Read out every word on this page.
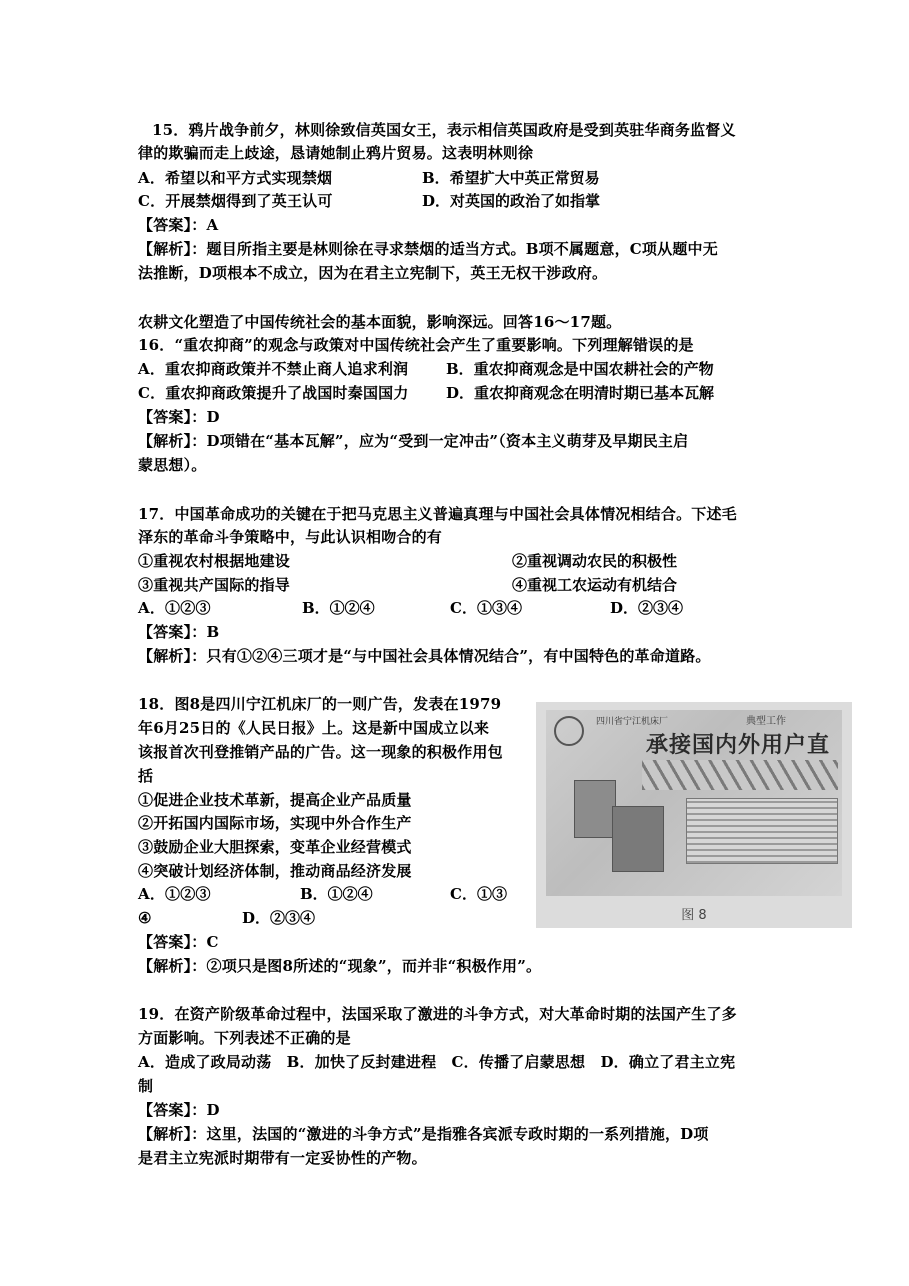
15．鸦片战争前夕，林则徐致信英国女王，表示相信英国政府是受到英驻华商务监督义
律的欺骗而走上歧途，恳请她制止鸦片贸易。这表明林则徐
A．希望以和平方式实现禁烟	B．希望扩大中英正常贸易
C．开展禁烟得到了英王认可	D．对英国的政治了如指掌
【答案】：A
【解析】：题目所指主要是林则徐在寻求禁烟的适当方式。B项不属题意，C项从题中无
法推断，D项根本不成立，因为在君主立宪制下，英王无权干涉政府。
农耕文化塑造了中国传统社会的基本面貌，影响深远。回答16～17题。
16．“重农抑商”的观念与政策对中国传统社会产生了重要影响。下列理解错误的是
A．重农抑商政策并不禁止商人追求利润	B．重农抑商观念是中国农耕社会的产物
C．重农抑商政策提升了战国时秦国国力 D．重农抑商观念在明清时期已基本瓦解
【答案】：D
【解析】：D项错在“基本瓦解”，应为“受到一定冲击”（资本主义萌芽及早期民主启
蒙思想）。
17．中国革命成功的关键在于把马克思主义普遍真理与中国社会具体情况相结合。下述毛
泽东的革命斗争策略中，与此认识相吻合的有
①重视农村根据地建设	②重视调动农民的积极性
③重视共产国际的指导	④重视工农运动有机结合
A．①②③	B．①②④	C．①③④	D．②③④
【答案】：B
【解析】：只有①②④三项才是“与中国社会具体情况结合”，有中国特色的革命道路。
18．图8是四川宁江机床厂的一则广告，发表在1979
年6月25日的《人民日报》上。这是新中国成立以来
该报首次刊登推销产品的广告。这一现象的积极作用包
括
①促进企业技术革新，提高企业产品质量
②开拓国内国际市场，实现中外合作生产
③鼓励企业大胆探索，变革企业经营模式
④突破计划经济体制，推动商品经济发展
A．①②③	B．①②④	C．①③
④	D．②③④
【答案】：C
【解析】：②项只是图8所述的“现象”，而并非“积极作用”。
四川省宁江机床厂	典型工作
承接国内外用户直
图 8
19．在资产阶级革命过程中，法国采取了激进的斗争方式，对大革命时期的法国产生了多
方面影响。下列表述不正确的是
A．造成了政局动荡　B．加快了反封建进程　C．传播了启蒙思想　D．确立了君主立宪
制
【答案】：D
【解析】：这里，法国的“激进的斗争方式”是指雅各宾派专政时期的一系列措施，D项
是君主立宪派时期带有一定妥协性的产物。
